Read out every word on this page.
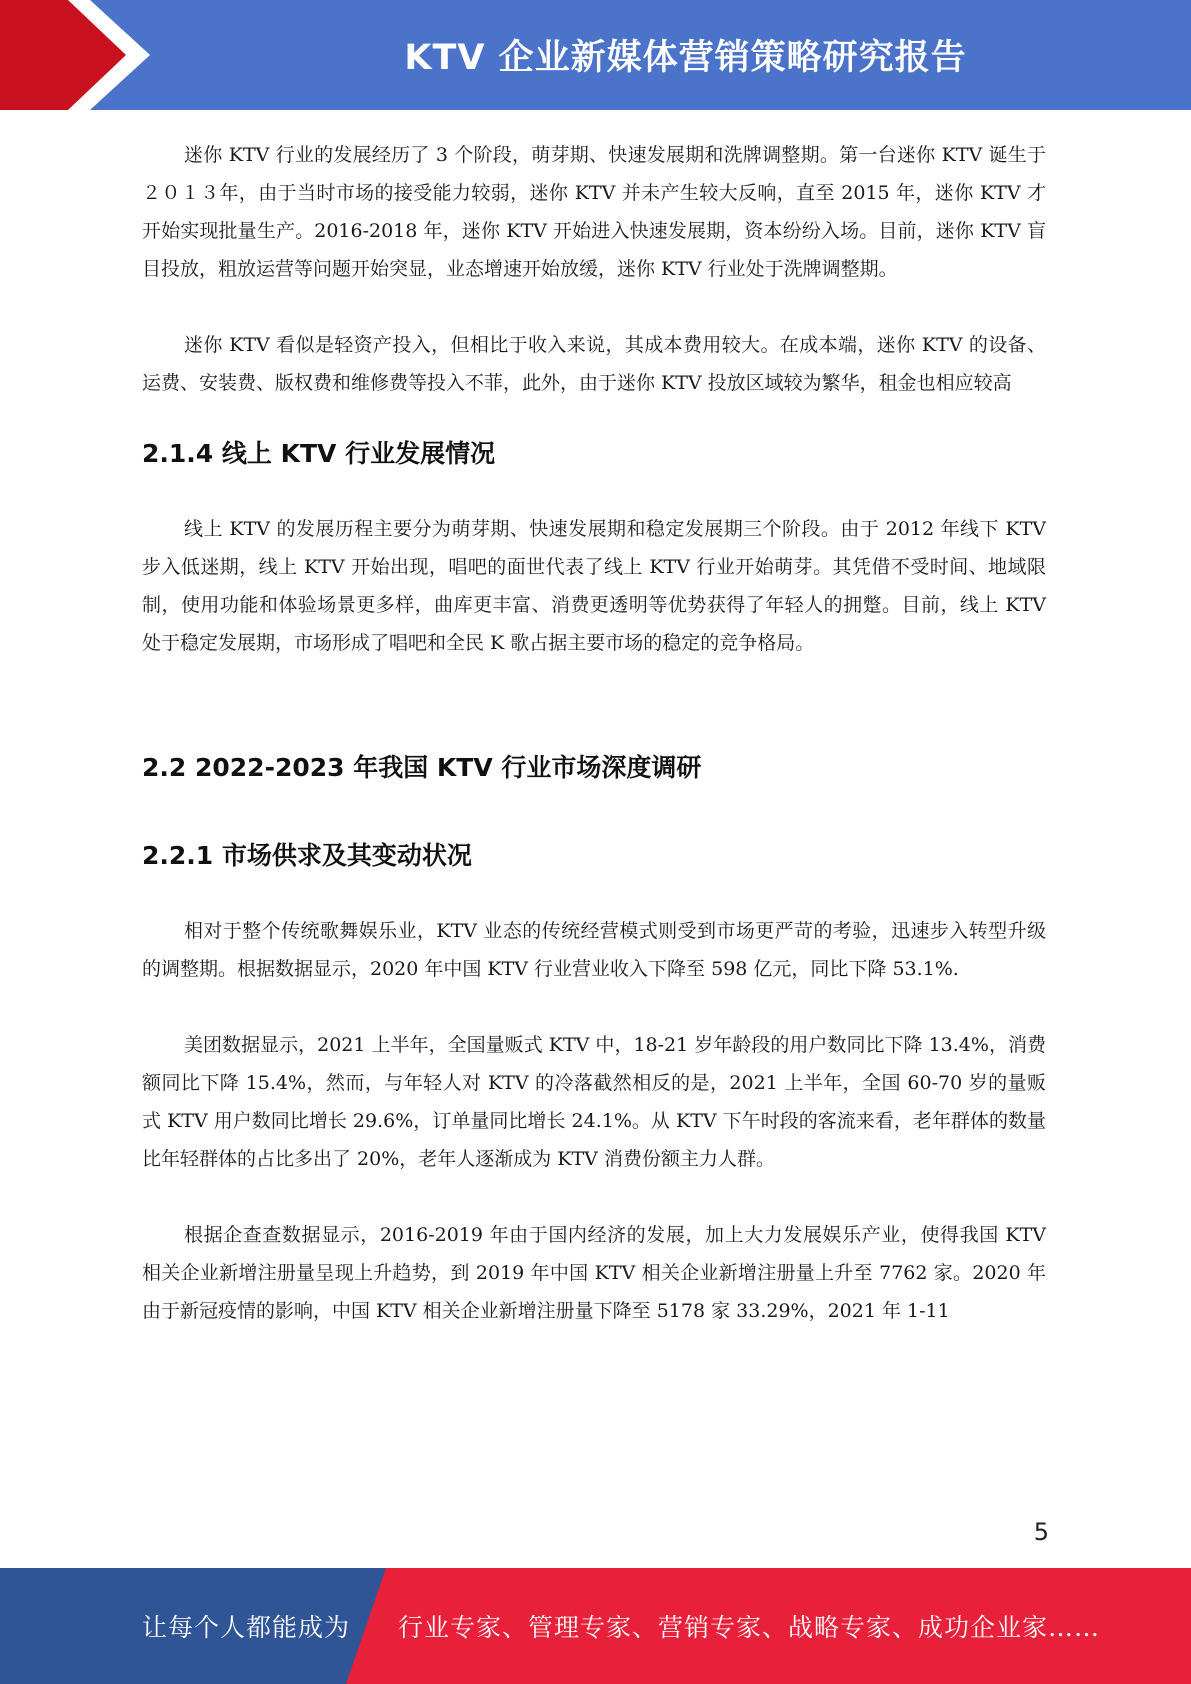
KTV 企业新媒体营销策略研究报告

迷你 KTV 行业的发展经历了 3 个阶段，萌芽期、快速发展期和洗牌调整期。第一台迷你 KTV 诞生于２０１３年，由于当时市场的接受能力较弱，迷你 KTV 并未产生较大反响，直至 2015 年，迷你 KTV 才开始实现批量生产。2016-2018 年，迷你 KTV 开始进入快速发展期，资本纷纷入场。目前，迷你 KTV 盲目投放，粗放运营等问题开始突显，业态增速开始放缓，迷你 KTV 行业处于洗牌调整期。

迷你 KTV 看似是轻资产投入，但相比于收入来说，其成本费用较大。在成本端，迷你 KTV 的设备、运费、安装费、版权费和维修费等投入不菲，此外，由于迷你 KTV 投放区域较为繁华，租金也相应较高

2.1.4 线上 KTV 行业发展情况

线上 KTV 的发展历程主要分为萌芽期、快速发展期和稳定发展期三个阶段。由于 2012 年线下 KTV 步入低迷期，线上 KTV 开始出现，唱吧的面世代表了线上 KTV 行业开始萌芽。其凭借不受时间、地域限制，使用功能和体验场景更多样，曲库更丰富、消费更透明等优势获得了年轻人的拥蹩。目前，线上 KTV 处于稳定发展期，市场形成了唱吧和全民 K 歌占据主要市场的稳定的竞争格局。

2.2 2022-2023 年我国 KTV 行业市场深度调研
2.2.1 市场供求及其变动状况

相对于整个传统歌舞娱乐业，KTV 业态的传统经营模式则受到市场更严苛的考验，迅速步入转型升级的调整期。根据数据显示，2020 年中国 KTV 行业营业收入下降至 598 亿元，同比下降 53.1%.

美团数据显示，2021 上半年，全国量贩式 KTV 中，18-21 岁年龄段的用户数同比下降 13.4%，消费额同比下降 15.4%，然而，与年轻人对 KTV 的冷落截然相反的是，2021 上半年，全国 60-70 岁的量贩式 KTV 用户数同比增长 29.6%，订单量同比增长 24.1%。从 KTV 下午时段的客流来看，老年群体的数量比年轻群体的占比多出了 20%，老年人逐渐成为 KTV 消费份额主力人群。

根据企查查数据显示，2016-2019 年由于国内经济的发展，加上大力发展娱乐产业，使得我国 KTV 相关企业新增注册量呈现上升趋势，到 2019 年中国 KTV 相关企业新增注册量上升至 7762 家。2020 年由于新冠疫情的影响，中国 KTV 相关企业新增注册量下降至 5178 家 33.29%，2021 年 1-11

5
让每个人都能成为 行业专家、管理专家、营销专家、战略专家、成功企业家……
